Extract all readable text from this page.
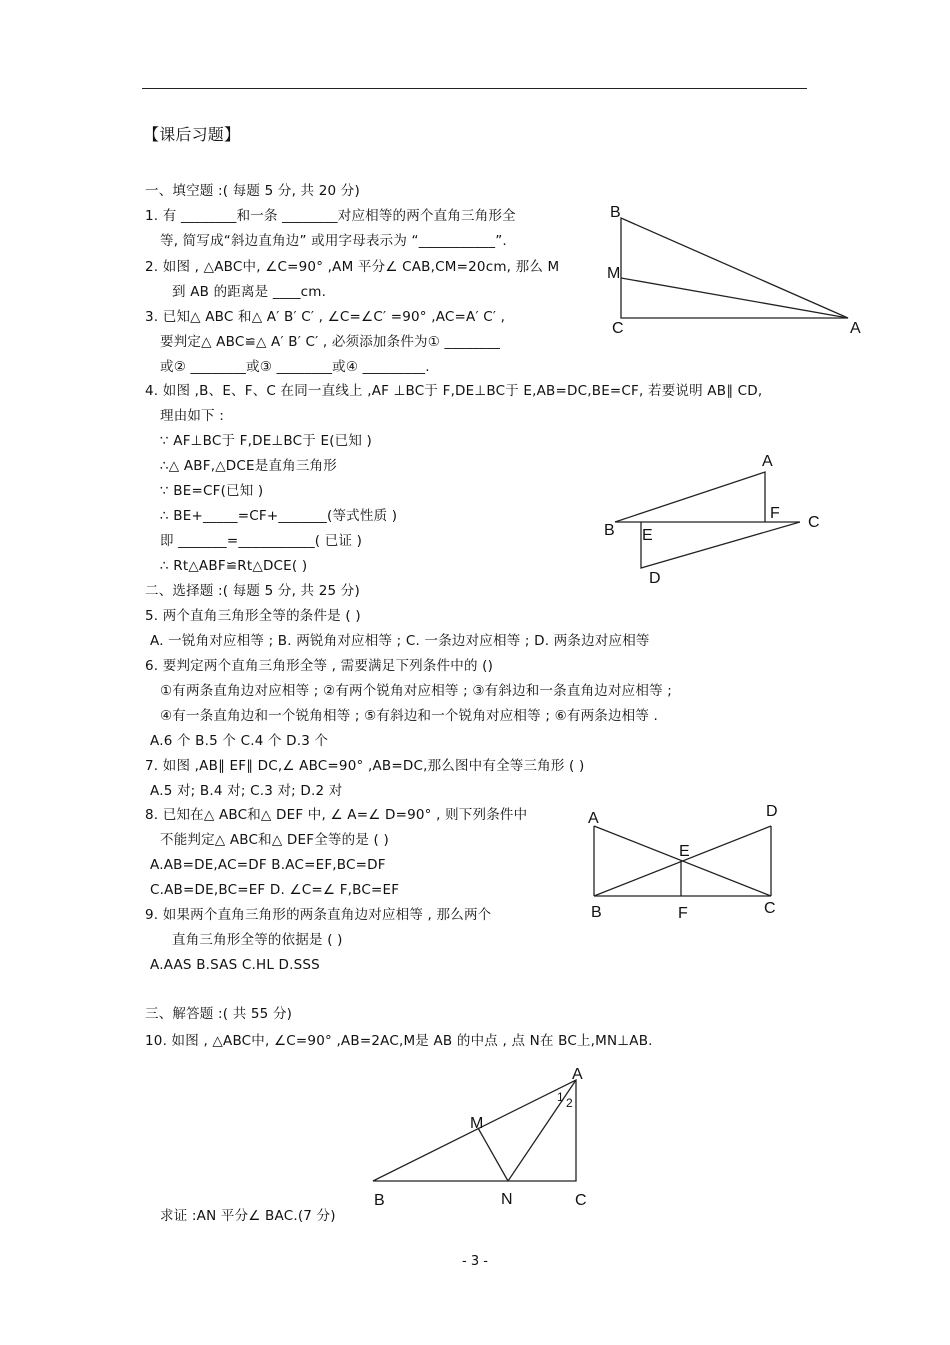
【课后习题】
一、填空题 :( 每题 5 分, 共 20 分)
1. 有 ________和一条 ________对应相等的两个直角三角形全
等, 简写成“斜边直角边” 或用字母表示为 “___________”.
2. 如图 , △ABC中, ∠C=90° ,AM 平分∠ CAB,CM=20cm, 那么 M
到 AB 的距离是 ____cm.
3. 已知△ ABC 和△ A′ B′ C′ , ∠C=∠C′ =90° ,AC=A′ C′ ,
要判定△ ABC≌△ A′ B′ C′ , 必须添加条件为① ________
或② ________或③ ________或④ _________.
4. 如图 ,B、E、F、C 在同一直线上 ,AF ⊥BC于 F,DE⊥BC于 E,AB=DC,BE=CF, 若要说明 AB∥ CD,
理由如下 :
∵ AF⊥BC于 F,DE⊥BC于 E(已知 )
∴△ ABF,△DCE是直角三角形
∵ BE=CF(已知 )
∴ BE+_____=CF+_______(等式性质 )
即 _______=___________( 已证 )
∴ Rt△ABF≌Rt△DCE( )
二、选择题 :( 每题 5 分, 共 25 分)
5. 两个直角三角形全等的条件是 ( )
A. 一锐角对应相等 ; B. 两锐角对应相等 ; C. 一条边对应相等 ; D. 两条边对应相等
6. 要判定两个直角三角形全等 , 需要满足下列条件中的 ()
①有两条直角边对应相等 ; ②有两个锐角对应相等 ; ③有斜边和一条直角边对应相等 ;
④有一条直角边和一个锐角相等 ; ⑤有斜边和一个锐角对应相等 ; ⑥有两条边相等 .
A.6 个 B.5 个 C.4 个 D.3 个
7. 如图 ,AB∥ EF∥ DC,∠ ABC=90° ,AB=DC,那么图中有全等三角形 ( )
A.5 对; B.4 对; C.3 对; D.2 对
8. 已知在△ ABC和△ DEF 中, ∠ A=∠ D=90° , 则下列条件中
不能判定△ ABC和△ DEF全等的是 ( )
A.AB=DE,AC=DF B.AC=EF,BC=DF
C.AB=DE,BC=EF D. ∠C=∠ F,BC=EF
9. 如果两个直角三角形的两条直角边对应相等 , 那么两个
直角三角形全等的依据是 ( )
A.AAS B.SAS C.HL D.SSS
三、解答题 :( 共 55 分)
10. 如图 , △ABC中, ∠C=90° ,AB=2AC,M是 AB 的中点 , 点 N在 BC上,MN⊥AB.
求证 :AN 平分∠ BAC.(7 分)
B
M
C	A
A
F
C
B E
D
A	D
E
B	F	C
A
1 2
M
B	N	C
- 3 -
